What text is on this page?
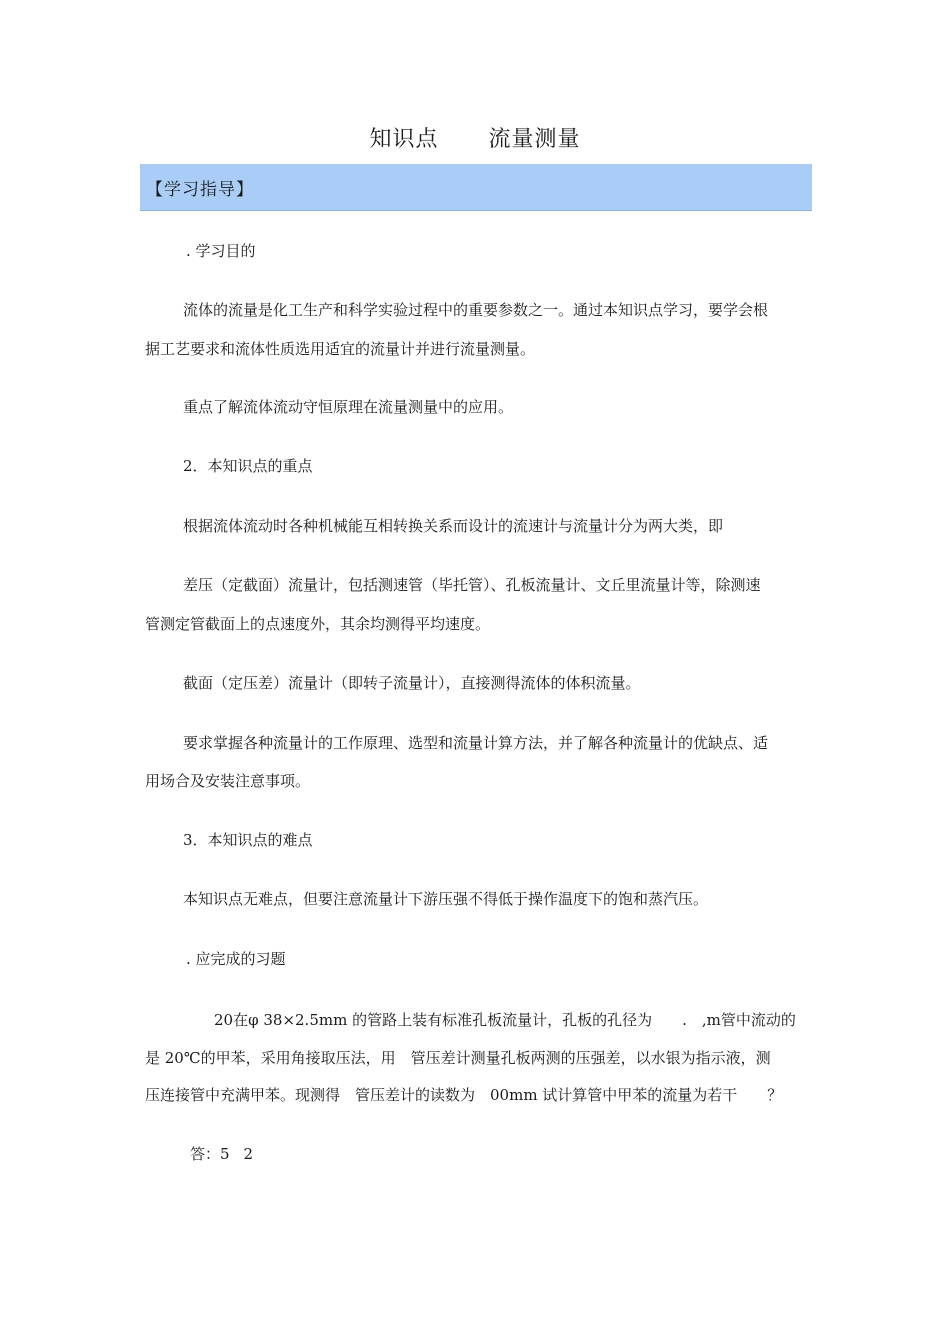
知识点 流量测量
【学习指导】
. 学习目的
流体的流量是化工生产和科学实验过程中的重要参数之一。通过本知识点学习，要学会根
据工艺要求和流体性质选用适宜的流量计并进行流量测量。
重点了解流体流动守恒原理在流量测量中的应用。
2．本知识点的重点
根据流体流动时各种机械能互相转换关系而设计的流速计与流量计分为两大类，即
差压（定截面）流量计，包括测速管（毕托管）、孔板流量计、文丘里流量计等，除测速
管测定管截面上的点速度外，其余均测得平均速度。
截面（定压差）流量计（即转子流量计），直接测得流体的体积流量。
要求掌握各种流量计的工作原理、选型和流量计算方法，并了解各种流量计的优缺点、适
用场合及安装注意事项。
3．本知识点的难点
本知识点无难点，但要注意流量计下游压强不得低于操作温度下的饱和蒸汽压。
. 应完成的习题
20在φ 38×2.5mm 的管路上装有标准孔板流量计，孔板的孔径为　　.　,m管中流动的
是 20℃的甲苯，采用角接取压法，用　管压差计测量孔板两测的压强差，以水银为指示液，测
压连接管中充满甲苯。现测得　管压差计的读数为　00mm 试计算管中甲苯的流量为若干　　？
答：5 2
